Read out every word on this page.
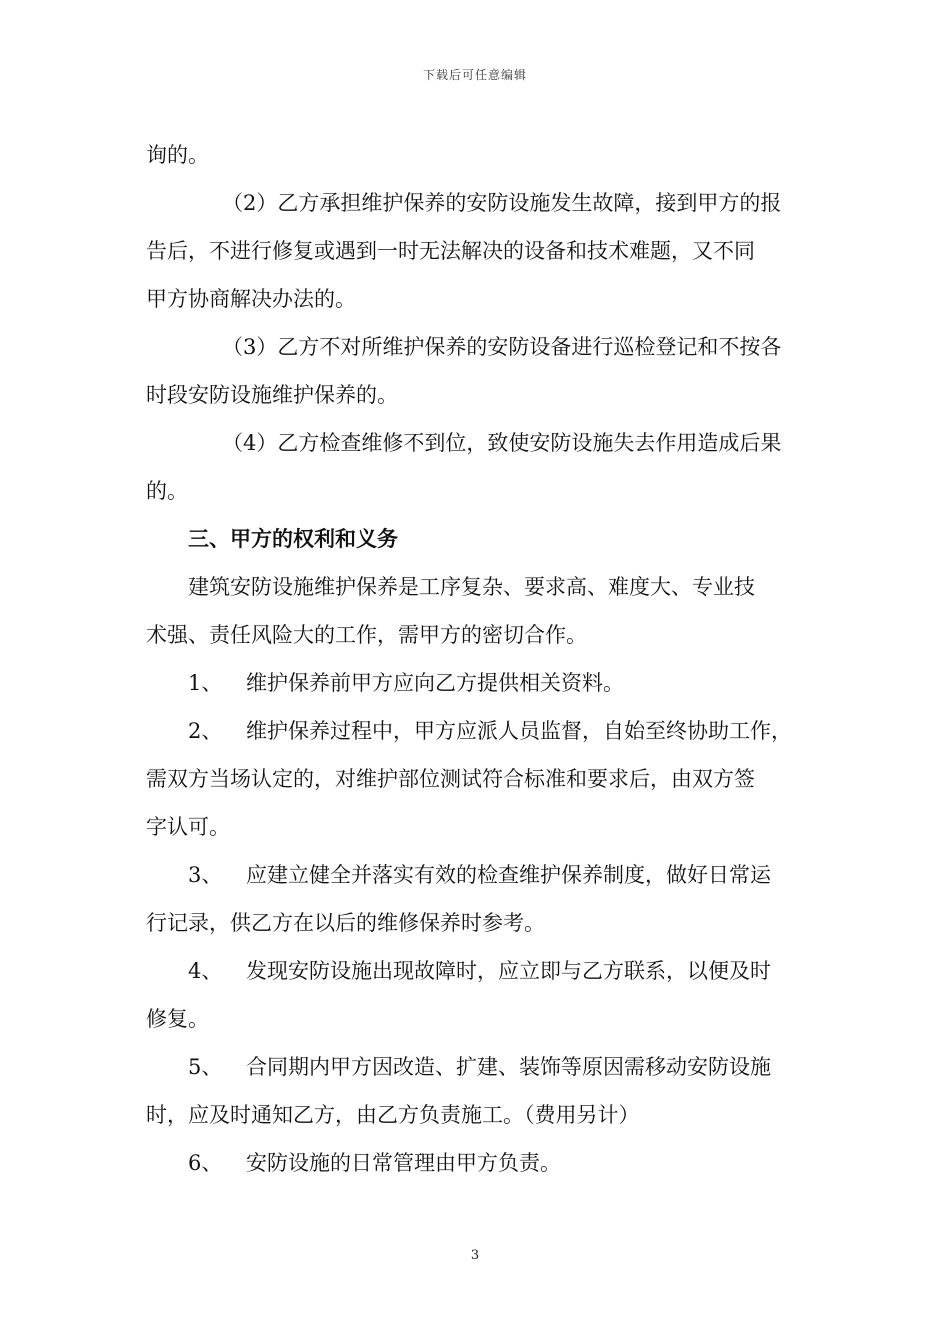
下载后可任意编辑
询的。
（2）乙方承担维护保养的安防设施发生故障，接到甲方的报
告后，不进行修复或遇到一时无法解决的设备和技术难题，又不同
甲方协商解决办法的。
（3）乙方不对所维护保养的安防设备进行巡检登记和不按各
时段安防设施维护保养的。
（4）乙方检查维修不到位，致使安防设施失去作用造成后果
的。
三、甲方的权利和义务
建筑安防设施维护保养是工序复杂、要求高、难度大、专业技
术强、责任风险大的工作，需甲方的密切合作。
1、 维护保养前甲方应向乙方提供相关资料。
2、 维护保养过程中，甲方应派人员监督，自始至终协助工作，
需双方当场认定的，对维护部位测试符合标准和要求后，由双方签
字认可。
3、 应建立健全并落实有效的检查维护保养制度，做好日常运
行记录，供乙方在以后的维修保养时参考。
4、 发现安防设施出现故障时，应立即与乙方联系，以便及时
修复。
5、 合同期内甲方因改造、扩建、装饰等原因需移动安防设施
时，应及时通知乙方，由乙方负责施工。（费用另计）
6、 安防设施的日常管理由甲方负责。
3
